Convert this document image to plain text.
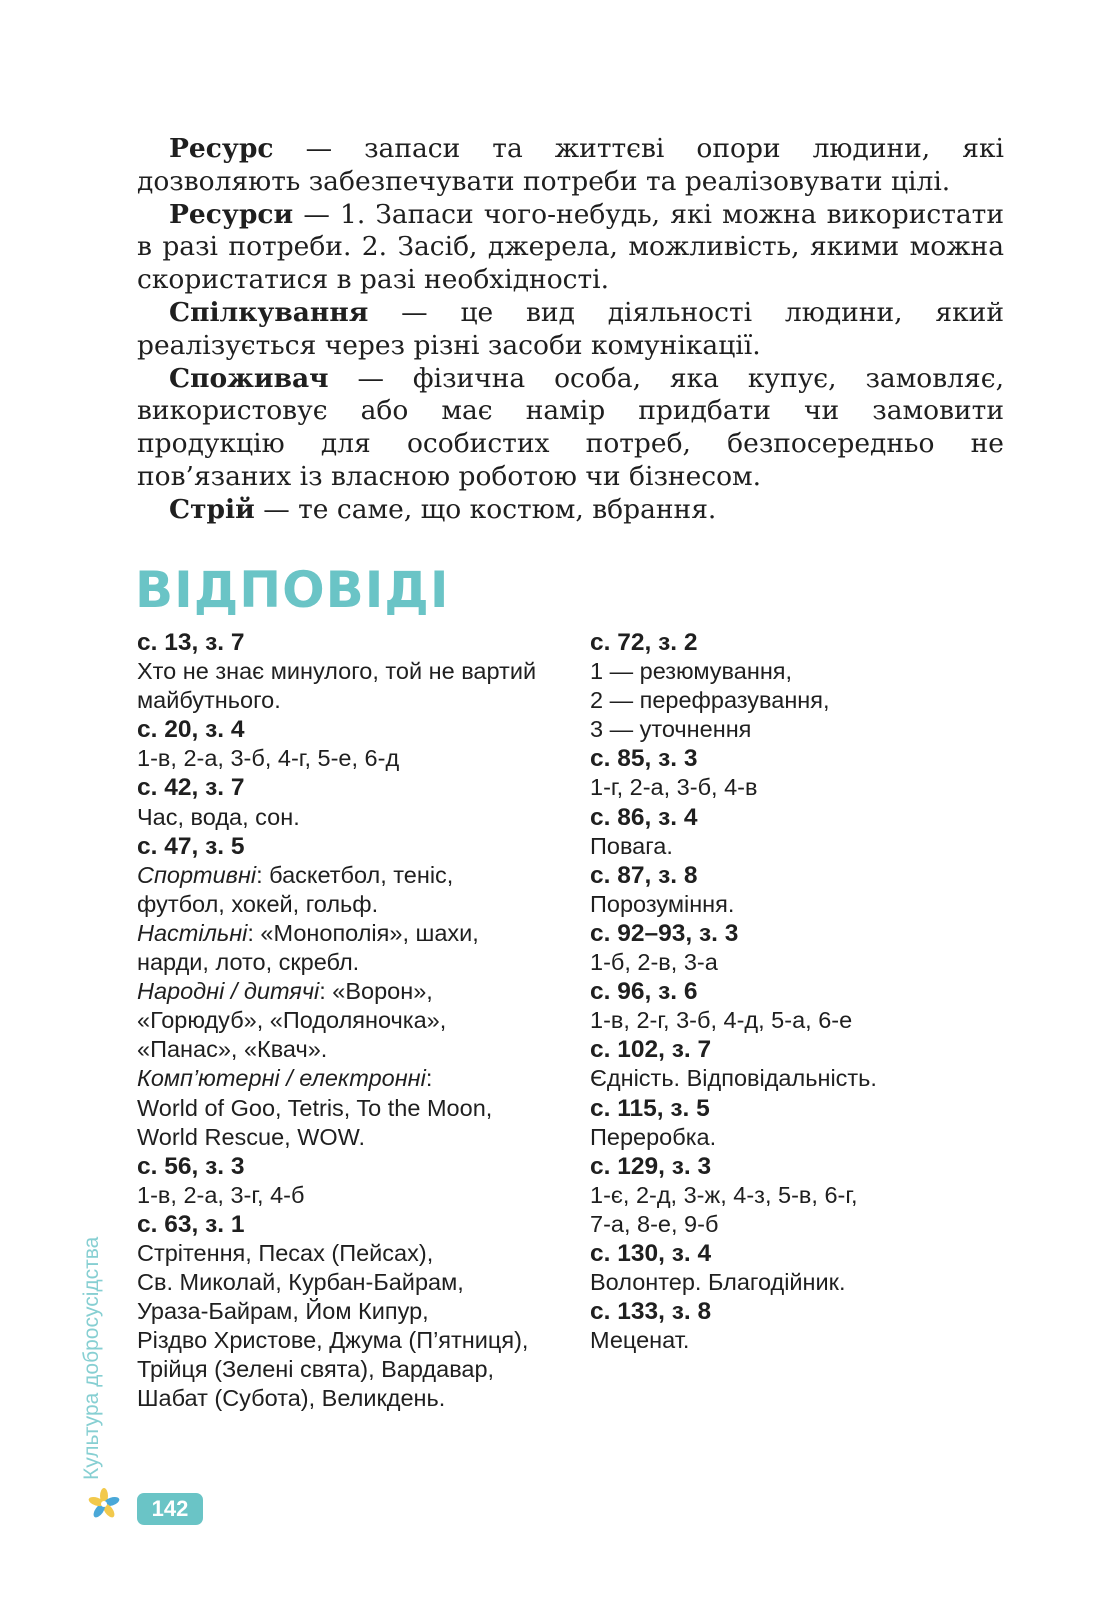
Ресурс — запаси та життєві опори людини, які дозволяють забезпечувати потреби та реалізовувати цілі.

Ресурси — 1. Запаси чого-небудь, які можна використати в разі потреби. 2. Засіб, джерела, можливість, якими можна скористатися в разі необхідності.

Спілкування — це вид діяльності людини, який реалізується через різні засоби комунікації.

Споживач — фізична особа, яка купує, замовляє, використовує або має намір придбати чи замовити продукцію для особистих потреб, безпосередньо не пов’язаних із власною роботою чи бізнесом.

Стрій — те саме, що костюм, вбрання.

ВІДПОВІДІ
с. 13, з. 7
Хто не знає минулого, той не вартий
майбутнього.
с. 20, з. 4
1-в, 2-а, 3-б, 4-г, 5-е, 6-д
с. 42, з. 7
Час, вода, сон.
с. 47, з. 5
Спортивні: баскетбол, теніс,
футбол, хокей, гольф.
Настільні: «Монополія», шахи,
нарди, лото, скребл.
Народні / дитячі: «Ворон»,
«Горюдуб», «Подоляночка»,
«Панас», «Квач».
Комп’ютерні / електронні:
World of Goo, Tetris, To the Moon,
World Rescue, WOW.
с. 56, з. 3
1-в, 2-а, 3-г, 4-б
с. 63, з. 1
Стрітення, Песах (Пейсах),
Св. Миколай, Курбан-Байрам,
Ураза-Байрам, Йом Кипур,
Різдво Христове, Джума (П’ятниця),
Трійця (Зелені свята), Вардавар,
Шабат (Субота), Великдень.
с. 72, з. 2
1 — резюмування,
2 — перефразування,
3 — уточнення
с. 85, з. 3
1-г, 2-а, 3-б, 4-в
с. 86, з. 4
Повага.
с. 87, з. 8
Порозуміння.
с. 92–93, з. 3
1-б, 2-в, 3-а
с. 96, з. 6
1-в, 2-г, 3-б, 4-д, 5-а, 6-е
с. 102, з. 7
Єдність. Відповідальність.
с. 115, з. 5
Переробка.
с. 129, з. 3
1-є, 2-д, 3-ж, 4-з, 5-в, 6-г,
7-а, 8-е, 9-б
с. 130, з. 4
Волонтер. Благодійник.
с. 133, з. 8
Меценат.
Культура добросусідства
142
